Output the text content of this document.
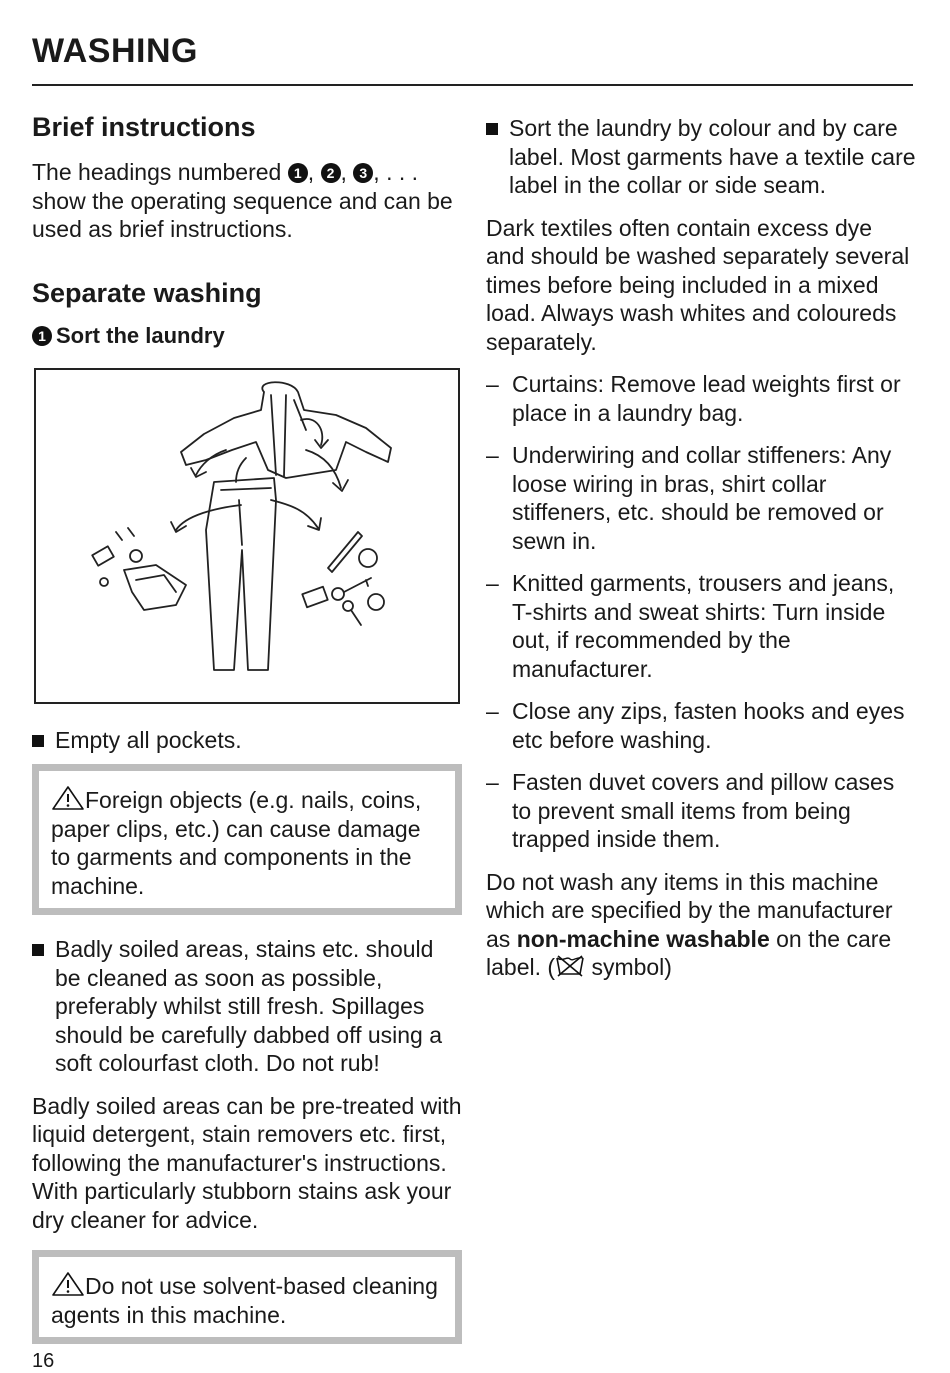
WASHING
Brief instructions

The headings numbered 1 , 2 , 3 , . . . show the operating sequence and can be used as brief instructions.

Separate washing
1 Sort the laundry
Empty all pockets.

Foreign objects (e.g. nails, coins, paper clips, etc.) can cause damage to garments and components in the machine.

Badly soiled areas, stains etc. should be cleaned as soon as possible, preferably whilst still fresh. Spillages should be carefully dabbed off using a soft colourfast cloth. Do not rub!

Badly soiled areas can be pre-treated with liquid detergent, stain removers etc. first, following the manufacturer's instructions. With particularly stubborn stains ask your dry cleaner for advice.

Do not use solvent-based cleaning agents in this machine.

Sort the laundry by colour and by care label. Most garments have a textile care label in the collar or side seam.

Dark textiles often contain excess dye and should be washed separately several times before being included in a mixed load. Always wash whites and coloureds separately.

– Curtains: Remove lead weights first or place in a laundry bag.
– Underwiring and collar stiffeners: Any loose wiring in bras, shirt collar stiffeners, etc. should be removed or sewn in.
– Knitted garments, trousers and jeans, T-shirts and sweat shirts: Turn inside out, if recommended by the manufacturer.
– Close any zips, fasten hooks and eyes etc before washing.
– Fasten duvet covers and pillow cases to prevent small items from being trapped inside them.

Do not wash any items in this machine which are specified by the manufacturer as non-machine washable on the care label. ( symbol)

16
